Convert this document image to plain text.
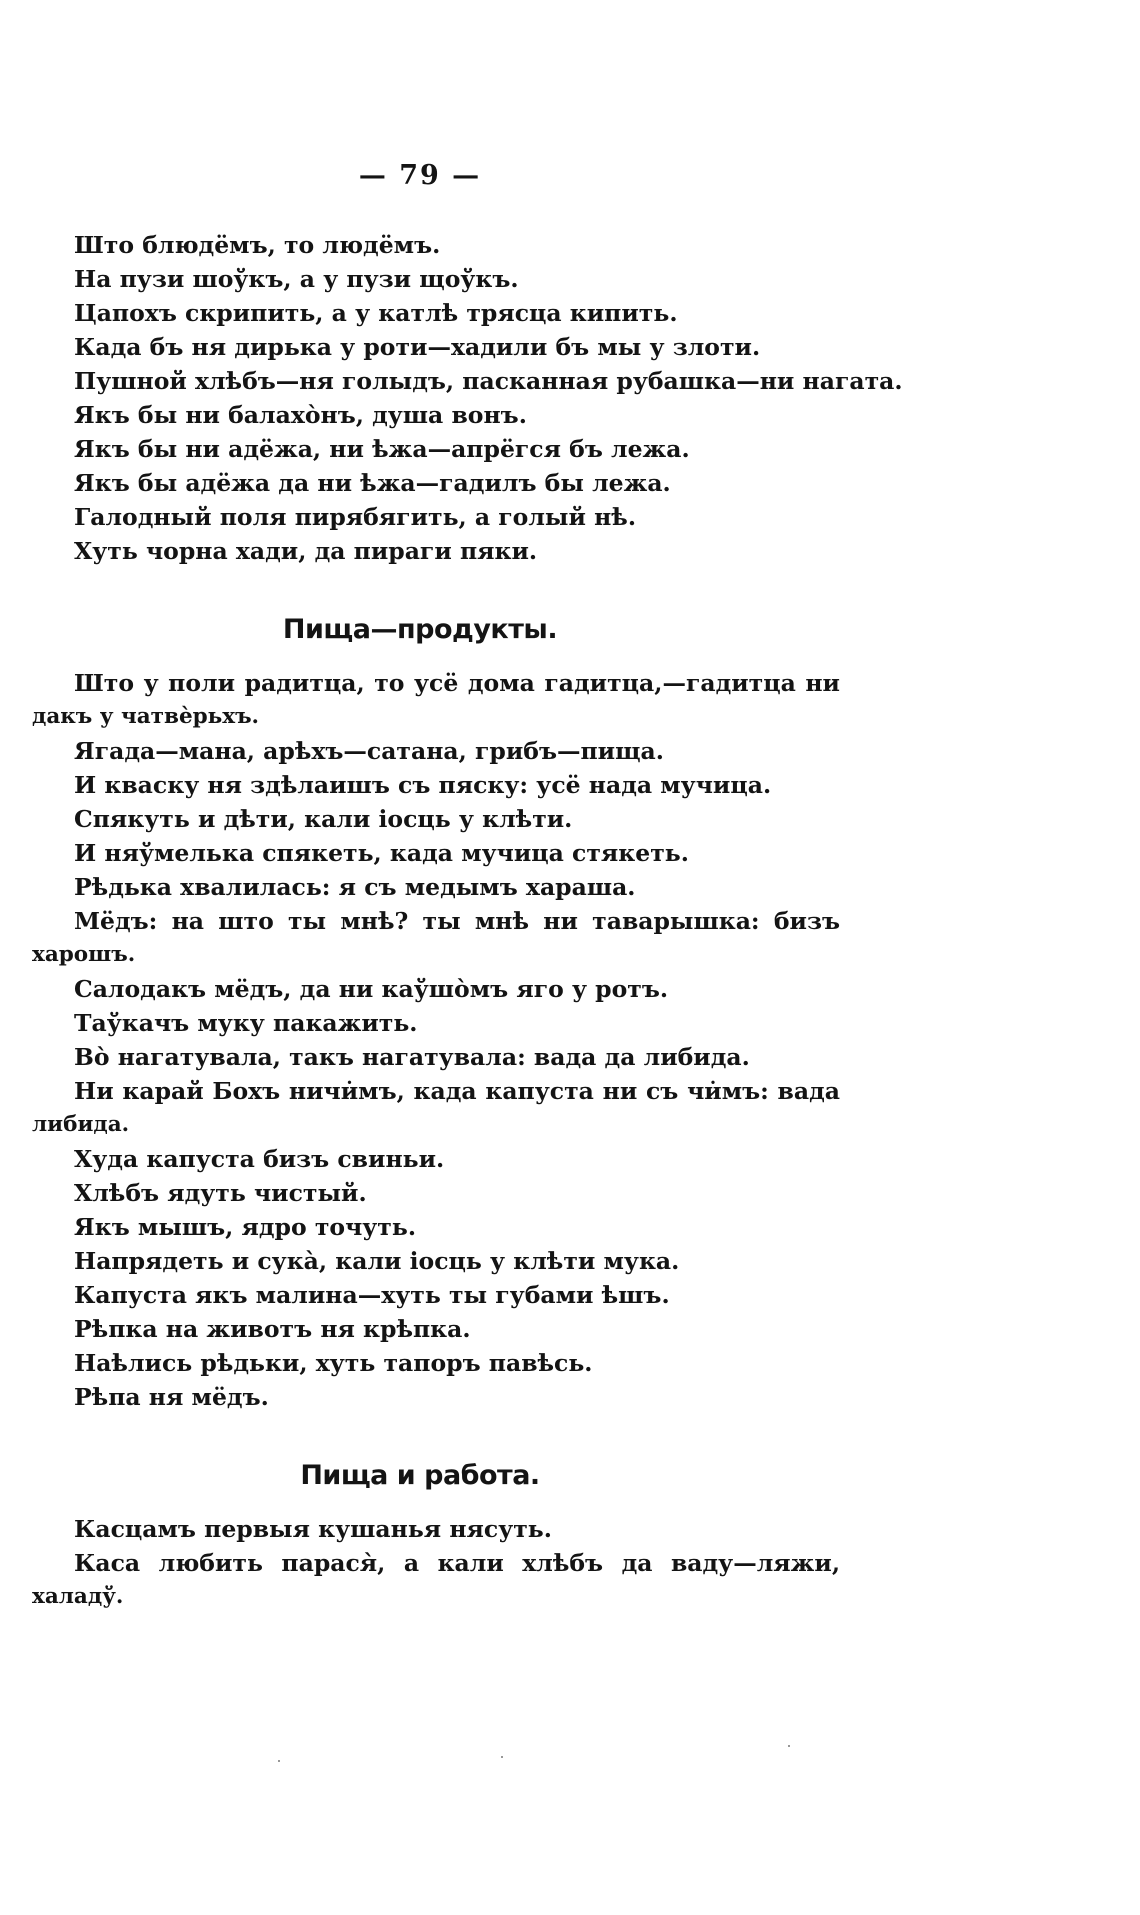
— 79 —
Што блюдёмъ, то людёмъ.
На пузи шоўкъ, а у пузи щоўкъ.
Цапохъ скрипить, а у катлѣ трясца кипить.
Када бъ ня дирька у роти—хадили бъ мы у злоти.
Пушной хлѣбъ—ня голыдъ, пасканная рубашка—ни нагата.
Якъ бы ни балахо̀нъ, душа вонъ.
Якъ бы ни адёжа, ни ѣжа—апрёгся бъ лежа.
Якъ бы адёжа да ни ѣжа—гадилъ бы лежа.
Галодный поля пирябягить, а голый нѣ.
Хуть чорна хади, да пираги пяки.
Пища—продукты.
Што у поли радитца, то усё дома гадитца,—гадитца ни
дакъ у чатвѐрьхъ.
Ягада—мана, арѣхъ—сатана, грибъ—пища.
И кваску ня здѣлаишъ съ пяску: усё нада мучица.
Спякуть и дѣти, кали іосць у клѣти.
И няўмелька спякеть, када мучица стякеть.
Рѣдька хвалилась: я съ медымъ хараша.
Мёдъ: на што ты мнѣ? ты мнѣ ни таварышка: бизъ
харошъ.
Салодакъ мёдъ, да ни каўшо̀мъ яго у ротъ.
Таўкачъ муку пакажить.
Во̀ нагатувала, такъ нагатувала: вада да либида.
Ни карай Бохъ ничи̇мъ, када капуста ни съ чи̇мъ: вада
либида.
Худа капуста бизъ свиньи.
Хлѣбъ ядуть чистый.
Якъ мышъ, ядро точуть.
Напрядеть и сука̀, кали іосць у клѣти мука.
Капуста якъ малина—хуть ты губами ѣшъ.
Рѣпка на животъ ня крѣпка.
Наѣлись рѣдьки, хуть тапоръ павѣсь.
Рѣпа ня мёдъ.
Пища и работа.
Касцамъ первыя кушанья нясуть.
Каса любить парася̀, а кали хлѣбъ да ваду—ляжи,
халадў.
